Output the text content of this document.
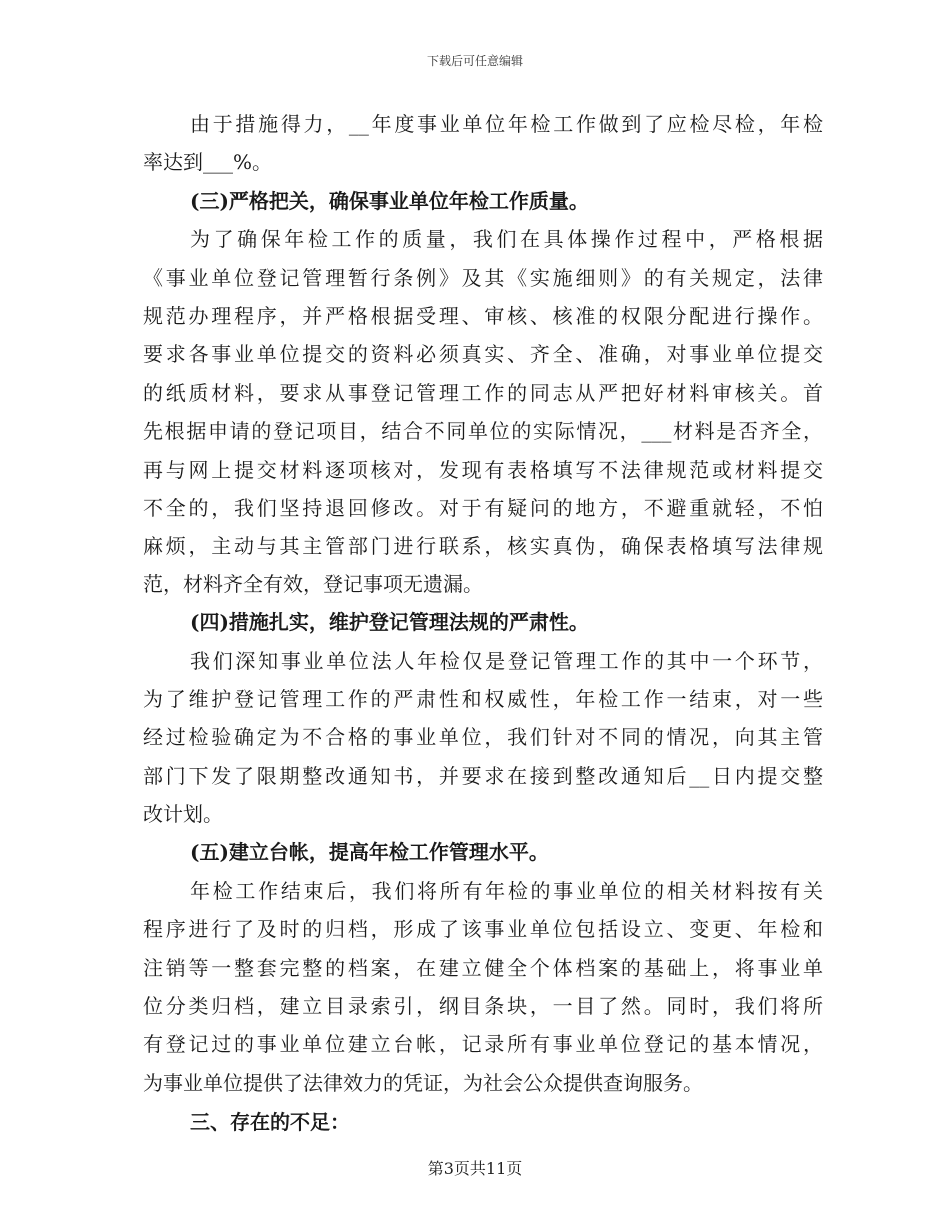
下载后可任意编辑
由于措施得力，__年度事业单位年检工作做到了应检尽检，年检
率达到___%。
(三)严格把关，确保事业单位年检工作质量。
为了确保年检工作的质量，我们在具体操作过程中，严格根据
《事业单位登记管理暂行条例》及其《实施细则》的有关规定，法律
规范办理程序，并严格根据受理、审核、核准的权限分配进行操作。
要求各事业单位提交的资料必须真实、齐全、准确，对事业单位提交
的纸质材料，要求从事登记管理工作的同志从严把好材料审核关。首
先根据申请的登记项目，结合不同单位的实际情况，___材料是否齐全，
再与网上提交材料逐项核对，发现有表格填写不法律规范或材料提交
不全的，我们坚持退回修改。对于有疑问的地方，不避重就轻，不怕
麻烦，主动与其主管部门进行联系，核实真伪，确保表格填写法律规
范，材料齐全有效，登记事项无遗漏。
(四)措施扎实，维护登记管理法规的严肃性。
我们深知事业单位法人年检仅是登记管理工作的其中一个环节，
为了维护登记管理工作的严肃性和权威性，年检工作一结束，对一些
经过检验确定为不合格的事业单位，我们针对不同的情况，向其主管
部门下发了限期整改通知书，并要求在接到整改通知后__日内提交整
改计划。
(五)建立台帐，提高年检工作管理水平。
年检工作结束后，我们将所有年检的事业单位的相关材料按有关
程序进行了及时的归档，形成了该事业单位包括设立、变更、年检和
注销等一整套完整的档案，在建立健全个体档案的基础上，将事业单
位分类归档，建立目录索引，纲目条块，一目了然。同时，我们将所
有登记过的事业单位建立台帐，记录所有事业单位登记的基本情况，
为事业单位提供了法律效力的凭证，为社会公众提供查询服务。
三、存在的不足：
第3页共11页
